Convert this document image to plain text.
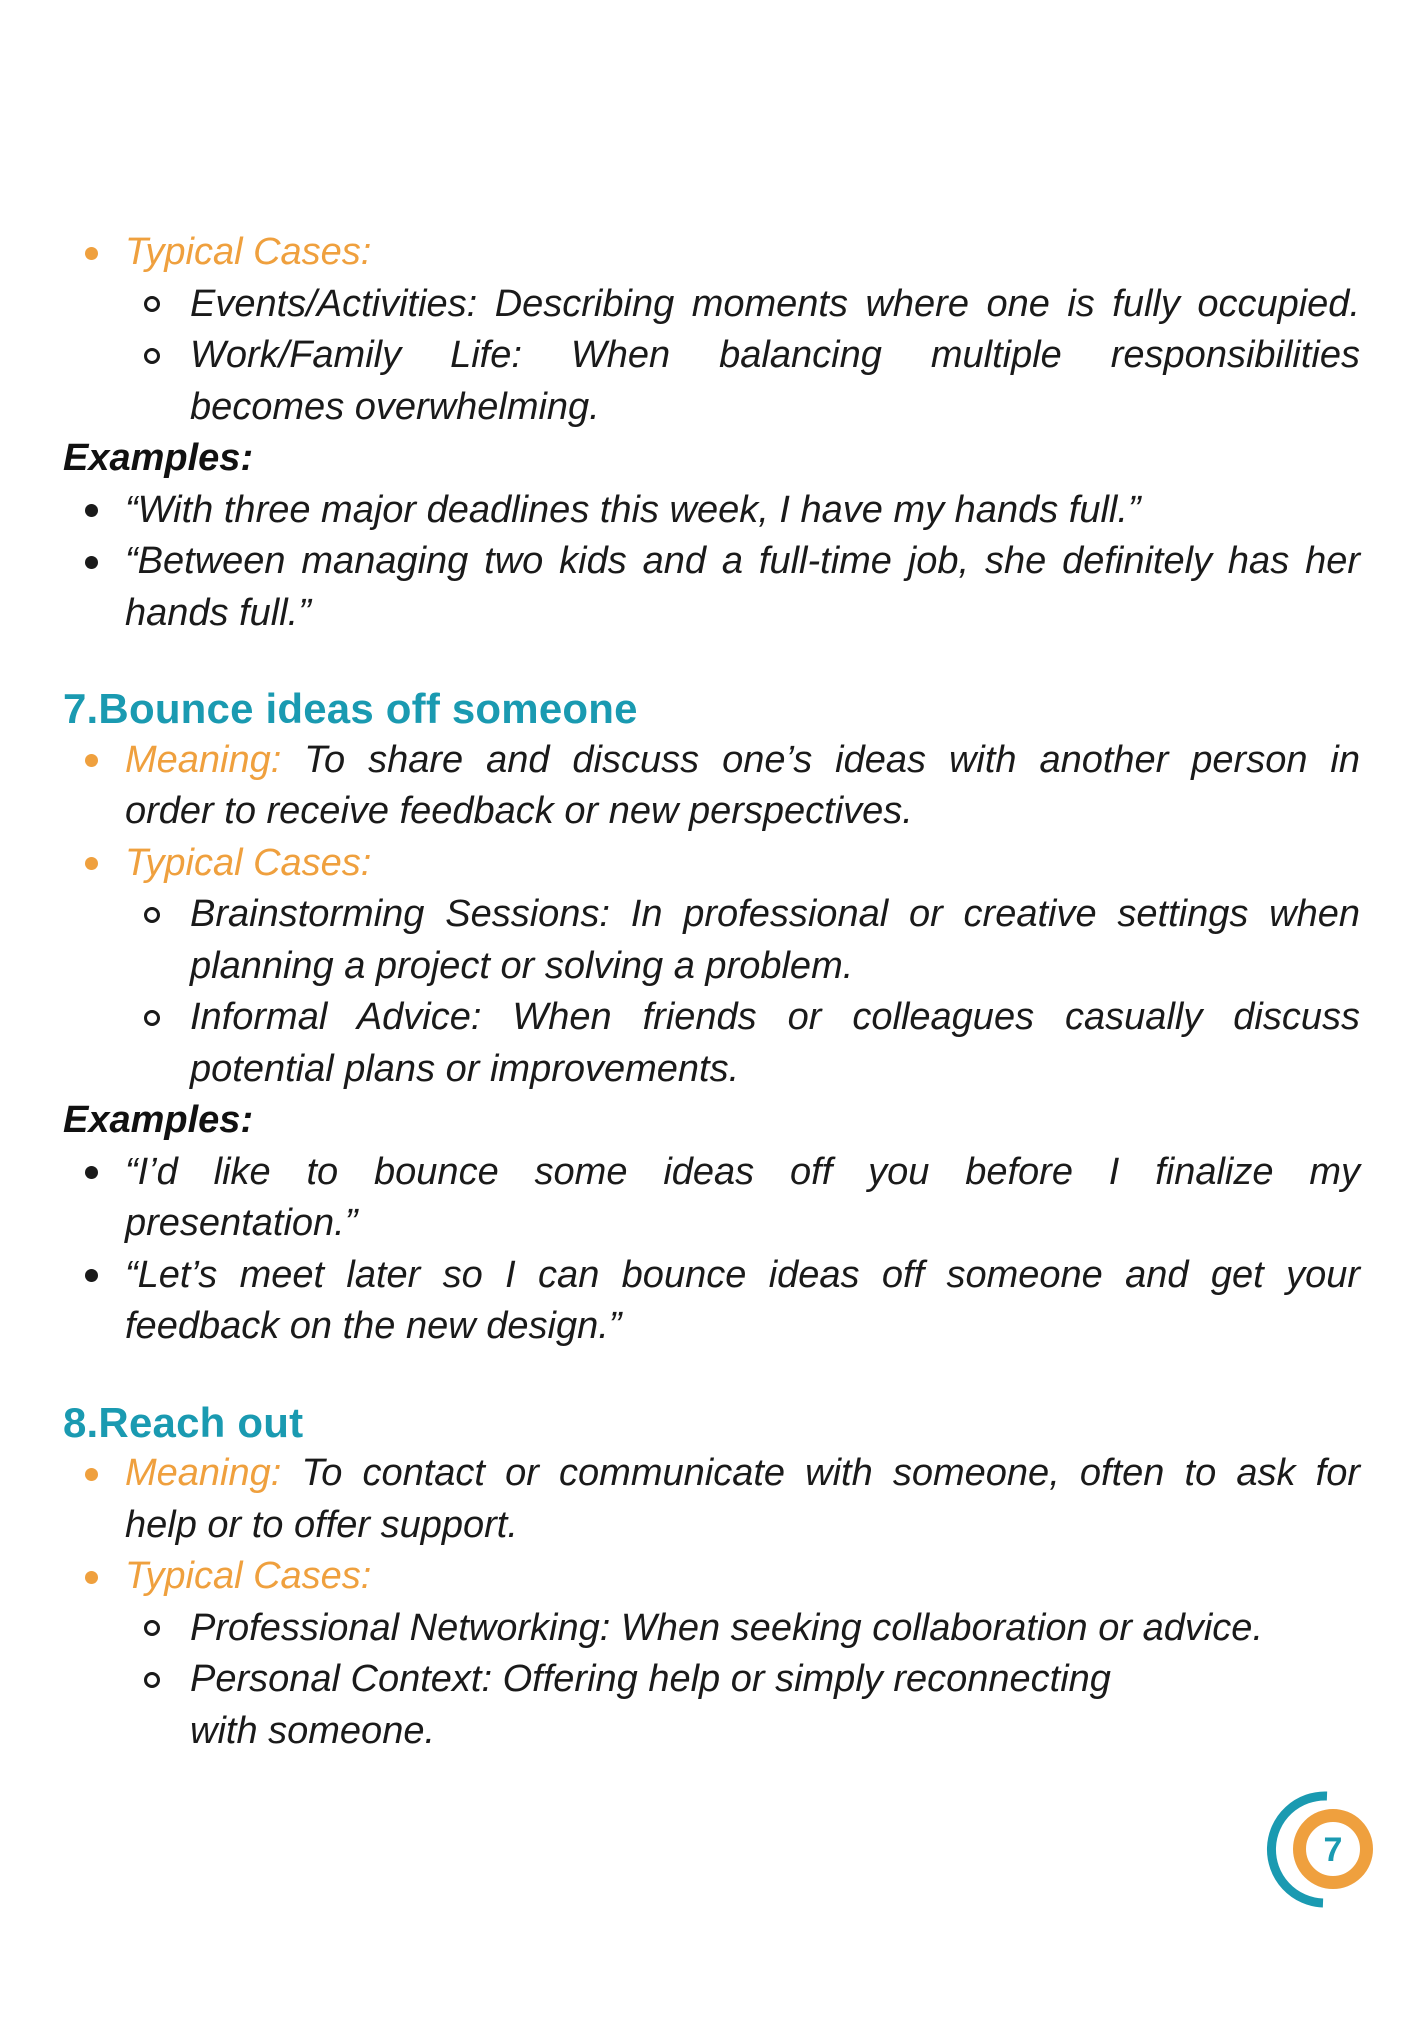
Typical Cases:
Events/Activities: Describing moments where one is fully occupied.
Work/Family Life: When balancing multiple responsibilities
becomes overwhelming.
Examples:
“With three major deadlines this week, I have my hands full.”
“Between managing two kids and a full-time job, she definitely has her
hands full.”
7.Bounce ideas off someone
Meaning: To share and discuss one’s ideas with another person in
order to receive feedback or new perspectives.
Typical Cases:
Brainstorming Sessions: In professional or creative settings when
planning a project or solving a problem.
Informal Advice: When friends or colleagues casually discuss
potential plans or improvements.
Examples:
“I’d like to bounce some ideas off you before I finalize my
presentation.”
“Let’s meet later so I can bounce ideas off someone and get your
feedback on the new design.”
8.Reach out
Meaning: To contact or communicate with someone, often to ask for
help or to offer support.
Typical Cases:
Professional Networking: When seeking collaboration or advice.
Personal Context: Offering help or simply reconnecting
with someone.
7
